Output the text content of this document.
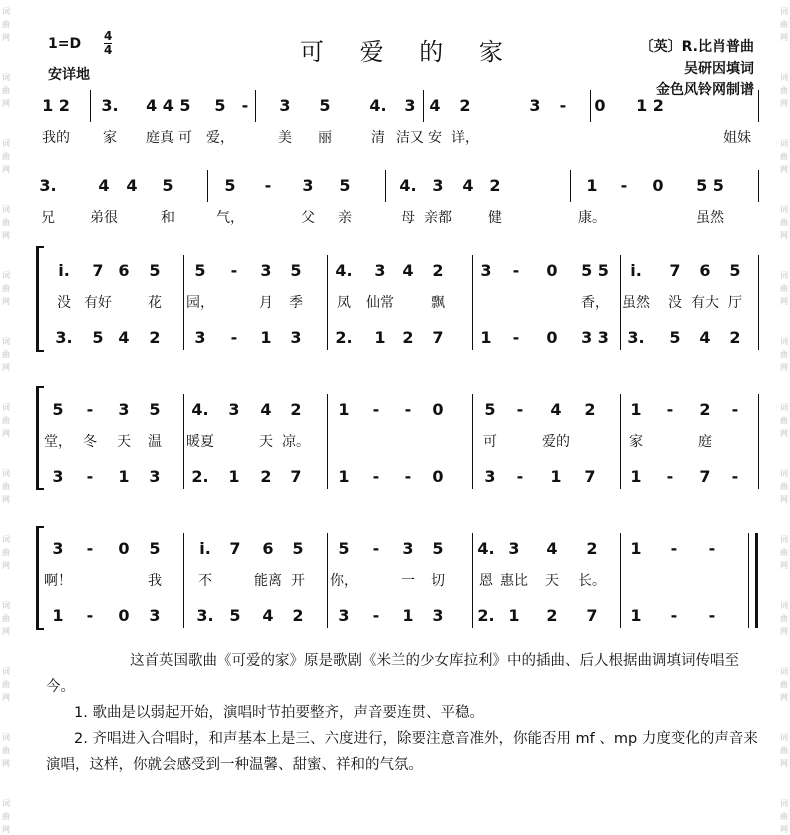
词
曲
网
词
曲
网
词
曲
网
词
曲
网
词
曲
网
词
曲
网
词
曲
网
词
曲
网
词
曲
网
词
曲
网
词
曲
网
词
曲
网
词
曲
网
词
曲
网
词
曲
网
词
曲
网
词
曲
网
词
曲
网
词
曲
网
词
曲
网
词
曲
网
词
曲
网
词
曲
网
词
曲
网
词
曲
网
词
曲
网
1=D 4
4
安详地
可 爱 的 家	〔英〕R.比肖普曲
吴研因填词
金色风铃网制谱
1 2 3. 4 4 5 5 - 3 5 4. 3 4 2	3 - 0 1 2
我的 家 庭真 可 爱，	美 丽	清 洁又 安 详，	姐妹
3.	4 4 5	5 - 3 5	4. 3 4 2	1 - 0 5 5
兄	弟很	和	气，	父 亲	母 亲都	健	康。	虽然
i. 7 6 5 5 - 3 5 4. 3 4 2 3 - 0 5 5 i. 7 6 5
没 有好	花 园，	月 季 凤 仙常	飘	香， 虽然 没 有大 厅
3. 5 4 2 3 - 1 3 2. 1 2 7 1 - 0 3 3 3. 5 4 2
5 - 3 5 4. 3 4 2 1 - - 0	5 - 4 2 1 - 2 -
堂， 冬 天 温 暖夏	天 凉。	可	爱的	家	庭
3 - 1 3 2. 1 2 7 1 - - 0	3 - 1 7 1 - 7 -
3 - 0 5 i. 7 6 5 5 - 3 5 4. 3 4 2 1 - -
啊！	我	不	能离 开 你，	一 切 恩 惠比 天 长。
1 - 0 3 3. 5 4 2 3 - 1 3 2. 1 2 7 1 - -
这首英国歌曲《可爱的家》原是歌剧《米兰的少女库拉利》中的插曲、后人根据曲调填词传唱至今。
1. 歌曲是以弱起开始，演唱时节拍要整齐，声音要连贯、平稳。
2. 齐唱进入合唱时，和声基本上是三、六度进行，除要注意音准外，你能否用 mf 、mp 力度变化的声音来演唱，这样，你就会感受到一种温馨、甜蜜、祥和的气氛。
